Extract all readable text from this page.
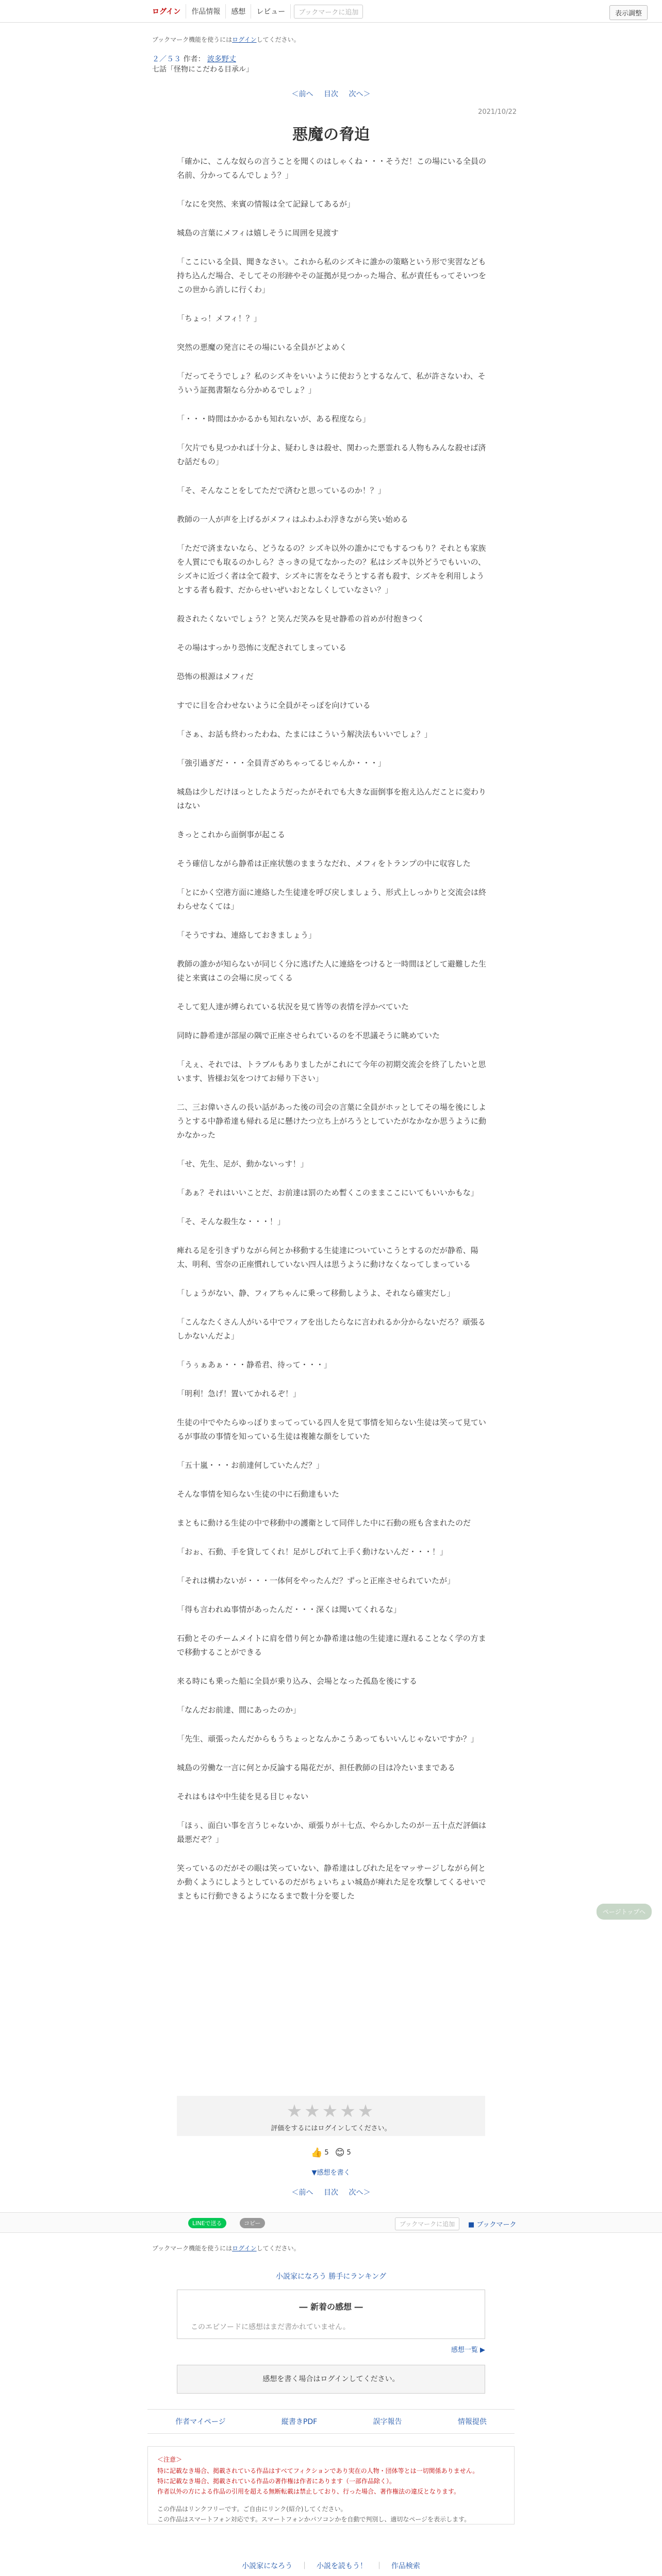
ログイン	作品情報	感想	レビュー	ブックマークに追加	表示調整
ブックマーク機能を使うにはログインしてください。
２／５３ 作者： 波多野丈
七話「怪物にこだわる目承ル」
＜前へ 目次 次へ＞
2021/10/22
悪魔の脅迫

「確かに、こんな奴らの言うことを聞くのはしゃくね・・・そうだ！この場にいる全員の名前、分かってるんでしょう？」

「なにを突然、来賓の情報は全て記録してあるが」

城島の言葉にメフィは嬉しそうに周囲を見渡す

「ここにいる全員、聞きなさい。これから私のシズキに誰かの策略という形で実習なども持ち込んだ場合、そしてその形跡やその証拠が見つかった場合、私が責任もってそいつをこの世から消しに行くわ」

「ちょっ！メフィ！？」

突然の悪魔の発言にその場にいる全員がどよめく

「だってそうでしょ？私のシズキをいいように使おうとするなんて、私が許さないわ、そういう証拠書類なら分かめるでしょ？」

「・・・時間はかかるかも知れないが、ある程度なら」

「欠片でも見つかれば十分よ、疑わしきは殺せ、関わった悪霊れる人物もみんな殺せば済む話だもの」

「そ、そんなことをしてただで済むと思っているのか！？」

教師の一人が声を上げるがメフィはふわふわ浮きながら笑い始める

「ただで済まないなら、どうなるの？シズキ以外の誰かにでもするつもり？それとも家族を人質にでも取るのかしら？さっきの見てなかったの？私はシズキ以外どうでもいいの、シズキに近づく者は全て殺す、シズキに害をなそうとする者も殺す、シズキを利用しようとする者も殺す、だからせいぜいおとなしくしていなさい？」

殺されたくないでしょう？と笑んだ笑みを見せ静希の首めが付抱きつく

その場はすっかり恐怖に支配されてしまっている

恐怖の根源はメフィだ

すでに目を合わせないように全員がそっぽを向けている

「さぁ、お話も終わったわね、たまにはこういう解決法もいいでしょ？」

「強引過ぎだ・・・全員青ざめちゃってるじゃんか・・・」

城島は少しだけほっとしたようだったがそれでも大きな面倒事を抱え込んだことに変わりはない

きっとこれから面倒事が起こる

そう確信しながら静希は正座状態のままうなだれ、メフィをトランプの中に収容した

「とにかく空港方面に連絡した生徒達を呼び戻しましょう、形式上しっかりと交流会は終わらせなくては」

「そうですね、連絡しておきましょう」

教師の誰かが知らないが同じく分に逃げた人に連絡をつけると一時間ほどして避難した生徒と来賓はこの会場に戻ってくる

そして犯人達が縛られている状況を見て皆等の表情を浮かべていた

同時に静希達が部屋の隅で正座させられているのを不思議そうに眺めていた

「えぇ、それでは、トラブルもありましたがこれにて今年の初期交流会を終了したいと思います、皆様お気をつけてお帰り下さい」

二、三お偉いさんの長い話があった後の司会の言葉に全員がホッとしてその場を後にしようとする中静希達も帰れる足に懸けたつ立ち上がろうとしていたがなかなか思うように動かなかった

「せ、先生、足が、動かないっす！」

「あぁ？それはいいことだ、お前達は罰のため暫くこのままここにいてもいいかもな」

「そ、そんな殺生な・・・！」

痺れる足を引きずりながら何とか移動する生徒達についていこうとするのだが静希、陽太、明利、雪奈の正座慣れしていない四人は思うように動けなくなってしまっている

「しょうがない、静、フィアちゃんに乗って移動しようよ、それなら確実だし」

「こんなたくさん人がいる中でフィアを出したらなに言われるか分からないだろ？頑張るしかないんだよ」

「うぅぁあぁ・・・静希君、待って・・・」

「明利！急げ！置いてかれるぞ！」

生徒の中でやたらゆっぽりまってっている四人を見て事情を知らない生徒は笑って見ているが事故の事情を知っている生徒は複雑な顔をしていた

「五十嵐・・・お前達何していたんだ？」

そんな事情を知らない生徒の中に石動達もいた

まともに動ける生徒の中で移動中の護衛として同伴した中に石動の班も含まれたのだ

「おぉ、石動、手を貸してくれ！足がしびれて上手く動けないんだ・・・！」

「それは構わないが・・・一体何をやったんだ？ずっと正座させられていたが」

「得も言われぬ事情があったんだ・・・深くは聞いてくれるな」

石動とそのチームメイトに肩を借り何とか静希達は他の生徒達に遅れることなく学の方まで移動することができる

来る時にも乗った船に全員が乗り込み、会場となった孤島を後にする

「なんだお前達、間にあったのか」

「先生、頑張ったんだからもうちょっとなんかこうあってもいいんじゃないですか？」

城島の労働な一言に何とか反論する陽花だが、担任教師の目は冷たいままである

それはもはや中生徒を見る目じゃない

「ほぅ、面白い事を言うじゃないか、頑張りが＋七点、やらかしたのが－五十点だ評価は最悪だぞ？」

笑っているのだがその眼は笑っていない、静希達はしびれた足をマッサージしながら何とか動くようにしようとしているのだがちょいちょい城島が痺れた足を攻撃してくるせいでまともに行動できるようになるまで数十分を要した

ページトップへ
★★★★★
評価をするにはログインしてください。
👍 5 😊 5
▼感想を書く
＜前へ 目次 次へ＞
LINEで送る	コピー	ブックマークに追加	■ ブックマーク
ブックマーク機能を使うにはログインしてください。
小説家になろう 勝手にランキング
― 新着の感想 ―
このエピソードに感想はまだ書かれていません。
感想一覧 ▶
感想を書く場合はログインしてください。
作者マイページ	縦書きPDF	誤字報告	情報提供
＜注意＞
特に記載なき場合、掲載されている作品はすべてフィクションであり実在の人物・団体等とは一切関係ありません。
特に記載なき場合、掲載されている作品の著作権は作者にあります（一部作品除く）。
作者以外の方による作品の引用を超える無断転載は禁止しており、行った場合、著作権法の違反となります。
この作品はリンクフリーです。ご自由にリンク(紹介)してください。
この作品はスマートフォン対応です。スマートフォンかパソコンかを自動で判別し、適切なページを表示します。
小説家になろう ｜ 小説を読もう！ ｜ 作品検索
